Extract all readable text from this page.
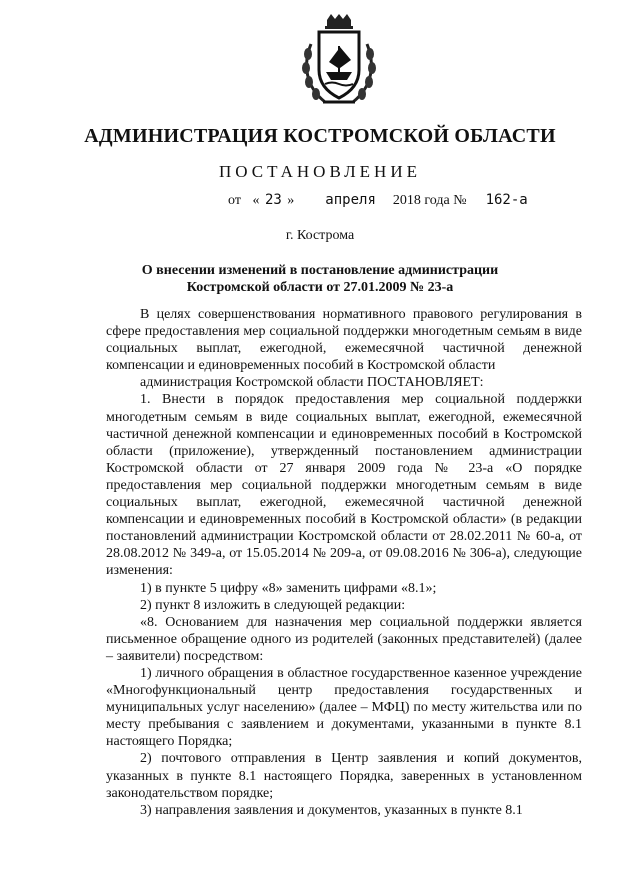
АДМИНИСТРАЦИЯ КОСТРОМСКОЙ ОБЛАСТИ
ПОСТАНОВЛЕНИЕ
от « 23 » апреля 2018 года № 162-а
г. Кострома
О внесении изменений в постановление администрации
Костромской области от 27.01.2009 № 23-а

В целях совершенствования нормативного правового регулирования в сфере предоставления мер социальной поддержки многодетным семьям в виде социальных выплат, ежегодной, ежемесячной частичной денежной компенсации и единовременных пособий в Костромской области

администрация Костромской области ПОСТАНОВЛЯЕТ:

1. Внести в порядок предоставления мер социальной поддержки многодетным семьям в виде социальных выплат, ежегодной, ежемесячной частичной денежной компенсации и единовременных пособий в Костромской области (приложение), утвержденный постановлением администрации Костромской области от 27 января 2009 года № 23-а «О порядке предоставления мер социальной поддержки многодетным семьям в виде социальных выплат, ежегодной, ежемесячной частичной денежной компенсации и единовременных пособий в Костромской области» (в редакции постановлений администрации Костромской области от 28.02.2011 № 60-а, от 28.08.2012 № 349-а, от 15.05.2014 № 209-а, от 09.08.2016 № 306-а), следующие изменения:

1) в пункте 5 цифру «8» заменить цифрами «8.1»;

2) пункт 8 изложить в следующей редакции:

«8. Основанием для назначения мер социальной поддержки является письменное обращение одного из родителей (законных представителей) (далее – заявители) посредством:

1) личного обращения в областное государственное казенное учреждение «Многофункциональный центр предоставления государственных и муниципальных услуг населению» (далее – МФЦ) по месту жительства или по месту пребывания с заявлением и документами, указанными в пункте 8.1 настоящего Порядка;

2) почтового отправления в Центр заявления и копий документов, указанных в пункте 8.1 настоящего Порядка, заверенных в установленном законодательством порядке;

3) направления заявления и документов, указанных в пункте 8.1
